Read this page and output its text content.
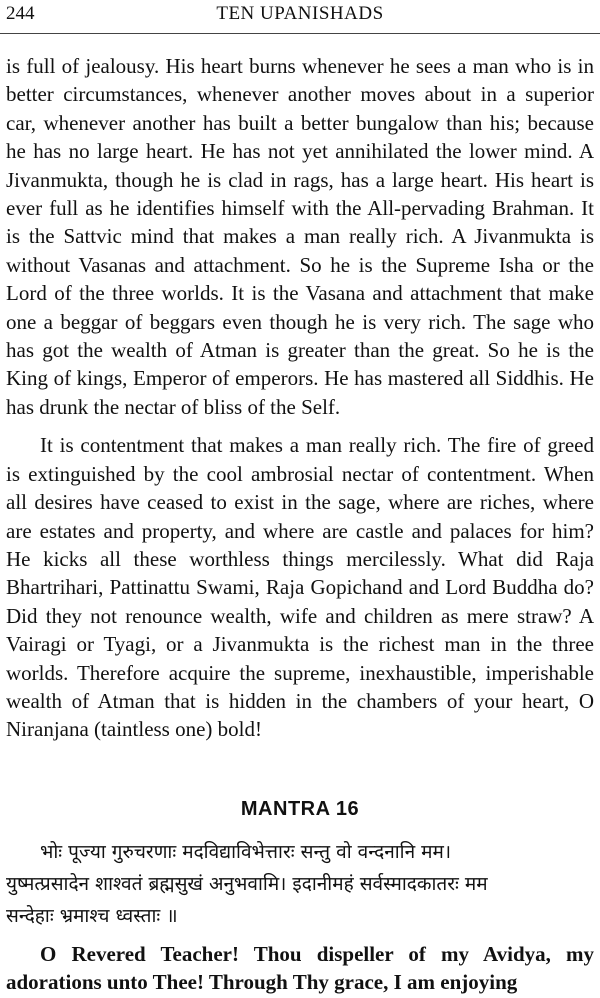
244	TEN UPANISHADS

is full of jealousy. His heart burns whenever he sees a man who is in better circumstances, whenever another moves about in a superior car, whenever another has built a better bungalow than his; because he has no large heart. He has not yet annihilated the lower mind. A Jivanmukta, though he is clad in rags, has a large heart. His heart is ever full as he identifies himself with the All-pervading Brahman. It is the Sattvic mind that makes a man really rich. A Jivanmukta is without Vasanas and attachment. So he is the Supreme Isha or the Lord of the three worlds. It is the Vasana and attachment that make one a beggar of beggars even though he is very rich. The sage who has got the wealth of Atman is greater than the great. So he is the King of kings, Emperor of emperors. He has mastered all Siddhis. He has drunk the nectar of bliss of the Self.

It is contentment that makes a man really rich. The fire of greed is extinguished by the cool ambrosial nectar of contentment. When all desires have ceased to exist in the sage, where are riches, where are estates and property, and where are castle and palaces for him? He kicks all these worthless things mercilessly. What did Raja Bhartrihari, Pattinattu Swami, Raja Gopichand and Lord Buddha do? Did they not renounce wealth, wife and children as mere straw? A Vairagi or Tyagi, or a Jivanmukta is the richest man in the three worlds. Therefore acquire the supreme, inexhaustible, imperishable wealth of Atman that is hidden in the chambers of your heart, O Niranjana (taintless one) bold!

MANTRA 16
भोः पूज्या गुरुचरणाः मदविद्याविभेत्तारः सन्तु वो वन्दनानि मम।
युष्मत्प्रसादेन शाश्वतं ब्रह्मसुखं अनुभवामि। इदानीमहं सर्वस्मादकातरः मम
सन्देहाः भ्रमाश्च ध्वस्ताः ॥

O Revered Teacher! Thou dispeller of my Avidya, my adorations unto Thee! Through Thy grace, I am enjoying
